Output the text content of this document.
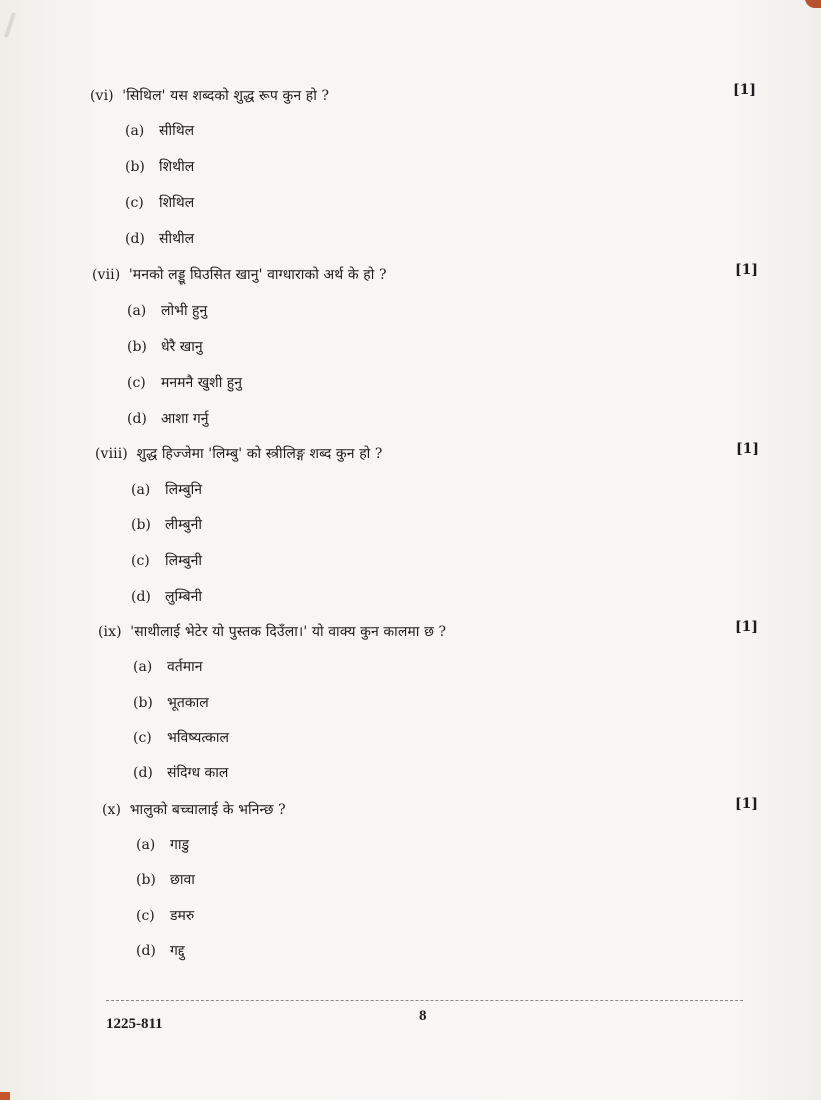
(vi) 'सिथिल' यस शब्दको शुद्ध रूप कुन हो ?	[1]
(a) सीथिल
(b) शिथील
(c) शिथिल
(d) सीथील
(vii) 'मनको लड्डू घिउसित खानु' वाग्धाराको अर्थ के हो ?	[1]
(a) लोभी हुनु
(b) धेरै खानु
(c) मनमनै खुशी हुनु
(d) आशा गर्नु
(viii) शुद्ध हिज्जेमा 'लिम्बु' को स्त्रीलिङ्ग शब्द कुन हो ?	[1]
(a) लिम्बुनि
(b) लीम्बुनी
(c) लिम्बुनी
(d) लुम्बिनी
(ix) 'साथीलाई भेटेर यो पुस्तक दिउँला।' यो वाक्य कुन कालमा छ ?	[1]
(a) वर्तमान
(b) भूतकाल
(c) भविष्यत्काल
(d) संदिग्ध काल
(x) भालुको बच्चालाई के भनिन्छ ?	[1]
(a) गाडु
(b) छावा
(c) डमरु
(d) गद्दु
8
1225-811
